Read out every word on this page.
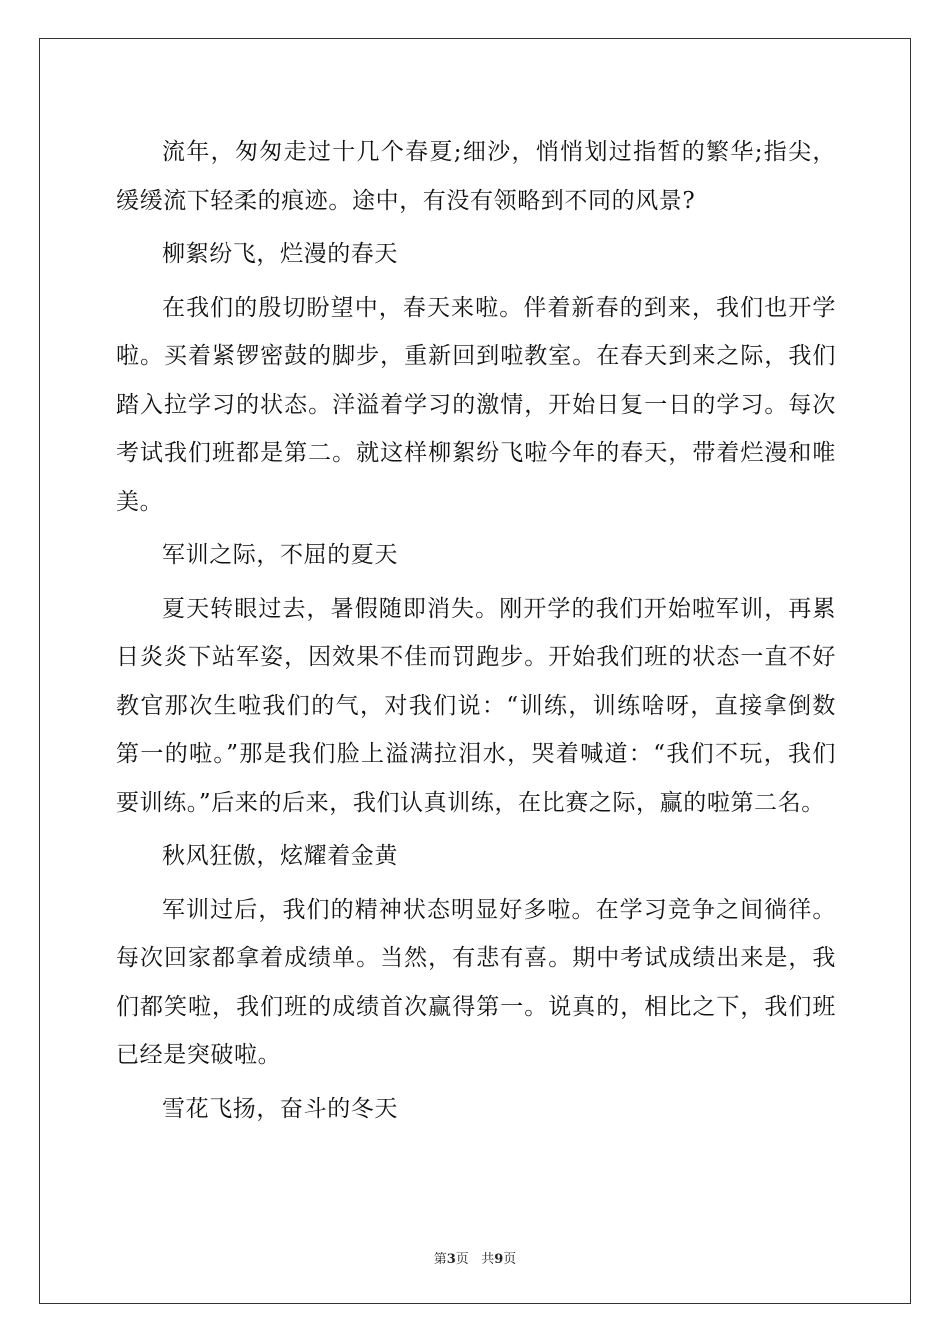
流年，匆匆走过十几个春夏;细沙，悄悄划过指皙的繁华;指尖，缓缓流下轻柔的痕迹。途中，有没有领略到不同的风景?

柳絮纷飞，烂漫的春天

在我们的殷切盼望中，春天来啦。伴着新春的到来，我们也开学啦。买着紧锣密鼓的脚步，重新回到啦教室。在春天到来之际，我们踏入拉学习的状态。洋溢着学习的激情，开始日复一日的学习。每次考试我们班都是第二。就这样柳絮纷飞啦今年的春天，带着烂漫和唯美。

军训之际，不屈的夏天

夏天转眼过去，暑假随即消失。刚开学的我们开始啦军训，再累日炎炎下站军姿，因效果不佳而罚跑步。开始我们班的状态一直不好教官那次生啦我们的气，对我们说：“训练，训练啥呀，直接拿倒数第一的啦。”那是我们脸上溢满拉泪水，哭着喊道：“我们不玩，我们要训练。”后来的后来，我们认真训练，在比赛之际，赢的啦第二名。

秋风狂傲，炫耀着金黄

军训过后，我们的精神状态明显好多啦。在学习竞争之间徜徉。每次回家都拿着成绩单。当然，有悲有喜。期中考试成绩出来是，我们都笑啦，我们班的成绩首次赢得第一。说真的，相比之下，我们班已经是突破啦。

雪花飞扬，奋斗的冬天

第3页 共9页
